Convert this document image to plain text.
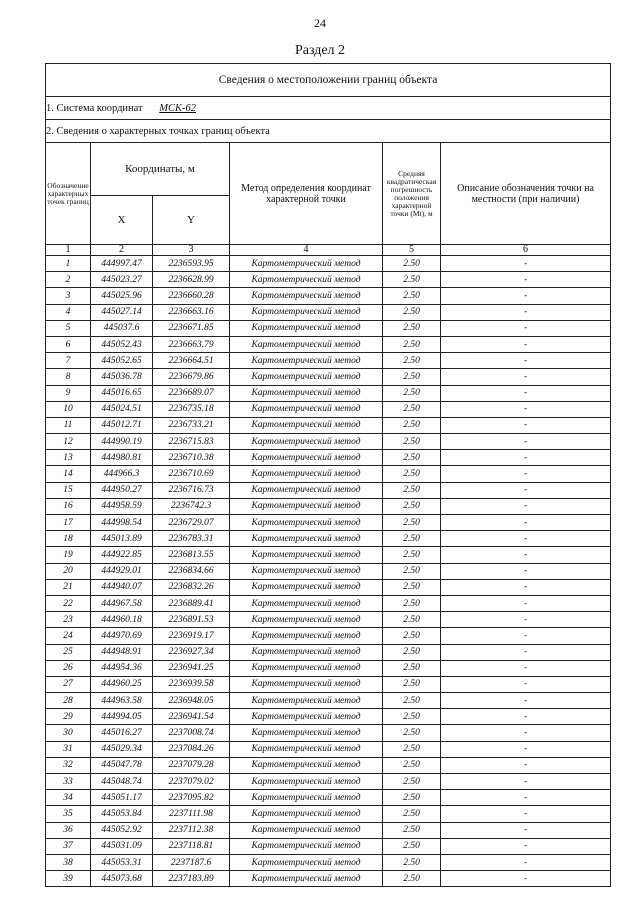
24
Раздел 2
Сведения о местоположении границ объекта					
1. Система координат МСК-62					
2. Сведения о характерных точках границ объекта					
Обозначение характерных точек границ	Координаты, м		Метод определения координат характерной точки	Средняя квадратическая погрешность положения характерной точки (Mt), м	Описание обозначения точки на местности (при наличии)
	X	Y			
1	2	3	4	5	6
1	444997.47	2236593.95	Картометрический метод	2.50	-
2	445023.27	2236628.99	Картометрический метод	2.50	-
3	445025.96	2236660.28	Картометрический метод	2.50	-
4	445027.14	2236663.16	Картометрический метод	2.50	-
5	445037.6	2236671.85	Картометрический метод	2.50	-
6	445052.43	2236663.79	Картометрический метод	2.50	-
7	445052.65	2236664.51	Картометрический метод	2.50	-
8	445036.78	2236679.86	Картометрический метод	2.50	-
9	445016.65	2236689.07	Картометрический метод	2.50	-
10	445024.51	2236735.18	Картометрический метод	2.50	-
11	445012.71	2236733.21	Картометрический метод	2.50	-
12	444990.19	2236715.83	Картометрический метод	2.50	-
13	444980.81	2236710.38	Картометрический метод	2.50	-
14	444966.3	2236710.69	Картометрический метод	2.50	-
15	444950.27	2236716.73	Картометрический метод	2.50	-
16	444958.59	2236742.3	Картометрический метод	2.50	-
17	444998.54	2236729.07	Картометрический метод	2.50	-
18	445013.89	2236783.31	Картометрический метод	2.50	-
19	444922.85	2236813.55	Картометрический метод	2.50	-
20	444929.01	2236834.66	Картометрический метод	2.50	-
21	444940.07	2236832.26	Картометрический метод	2.50	-
22	444967.58	2236889.41	Картометрический метод	2.50	-
23	444960.18	2236891.53	Картометрический метод	2.50	-
24	444970.69	2236919.17	Картометрический метод	2.50	-
25	444948.91	2236927.34	Картометрический метод	2.50	-
26	444954.36	2236941.25	Картометрический метод	2.50	-
27	444960.25	2236939.58	Картометрический метод	2.50	-
28	444963.58	2236948.05	Картометрический метод	2.50	-
29	444994.05	2236941.54	Картометрический метод	2.50	-
30	445016.27	2237008.74	Картометрический метод	2.50	-
31	445029.34	2237084.26	Картометрический метод	2.50	-
32	445047.78	2237079.28	Картометрический метод	2.50	-
33	445048.74	2237079.02	Картометрический метод	2.50	-
34	445051.17	2237095.82	Картометрический метод	2.50	-
35	445053.84	2237111.98	Картометрический метод	2.50	-
36	445052.92	2237112.38	Картометрический метод	2.50	-
37	445031.09	2237118.81	Картометрический метод	2.50	-
38	445053.31	2237187.6	Картометрический метод	2.50	-
39	445073.68	2237183.89	Картометрический метод	2.50	-
